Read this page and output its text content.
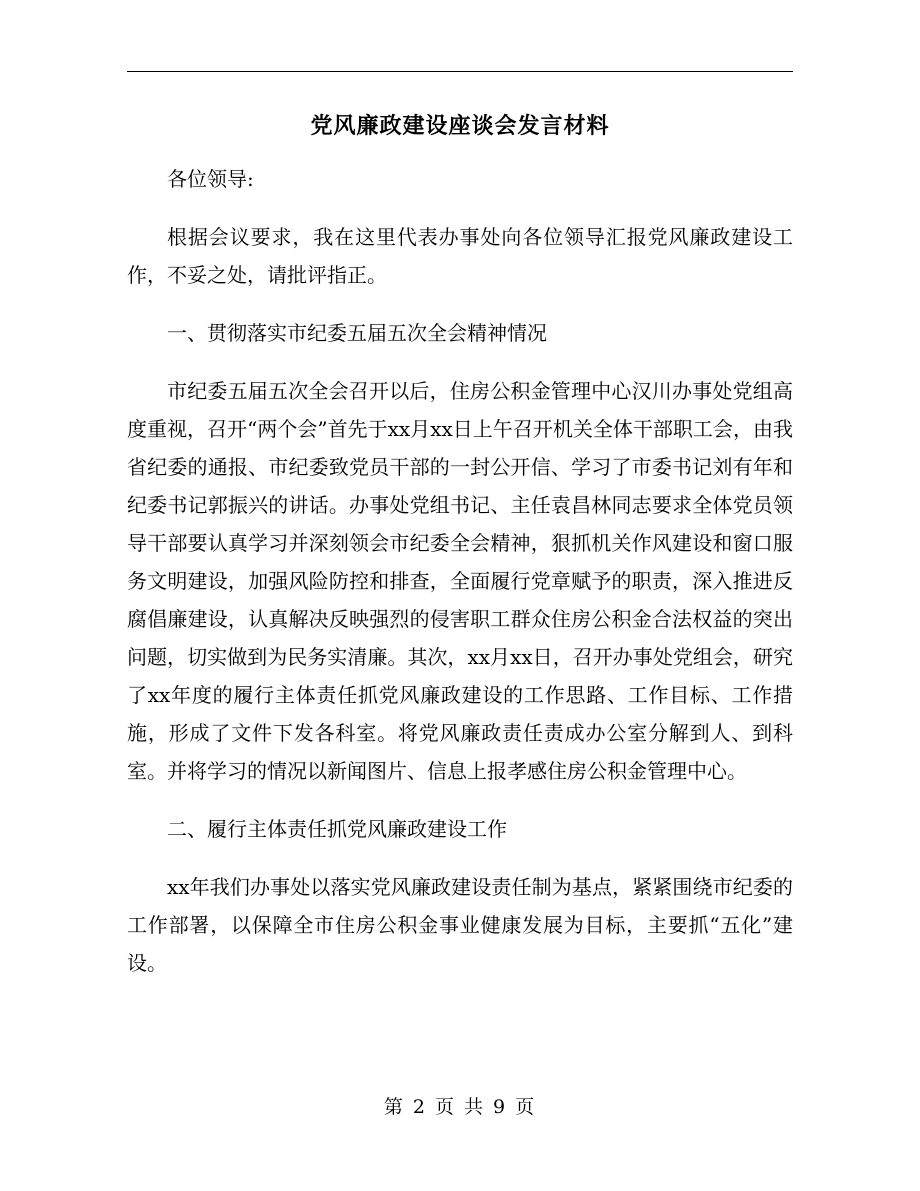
党风廉政建设座谈会发言材料

各位领导:

根据会议要求，我在这里代表办事处向各位领导汇报党风廉政建设工作，不妥之处，请批评指正。

一、贯彻落实市纪委五届五次全会精神情况

市纪委五届五次全会召开以后，住房公积金管理中心汉川办事处党组高度重视，召开“两个会”首先于xx月xx日上午召开机关全体干部职工会，由我省纪委的通报、市纪委致党员干部的一封公开信、学习了市委书记刘有年和纪委书记郭振兴的讲话。办事处党组书记、主任袁昌林同志要求全体党员领导干部要认真学习并深刻领会市纪委全会精神，狠抓机关作风建设和窗口服务文明建设，加强风险防控和排查，全面履行党章赋予的职责，深入推进反腐倡廉建设，认真解决反映强烈的侵害职工群众住房公积金合法权益的突出问题，切实做到为民务实清廉。其次，xx月xx日，召开办事处党组会，研究了xx年度的履行主体责任抓党风廉政建设的工作思路、工作目标、工作措施，形成了文件下发各科室。将党风廉政责任责成办公室分解到人、到科室。并将学习的情况以新闻图片、信息上报孝感住房公积金管理中心。

二、履行主体责任抓党风廉政建设工作

xx年我们办事处以落实党风廉政建设责任制为基点，紧紧围绕市纪委的工作部署，以保障全市住房公积金事业健康发展为目标，主要抓“五化”建设。

第 2 页 共 9 页
